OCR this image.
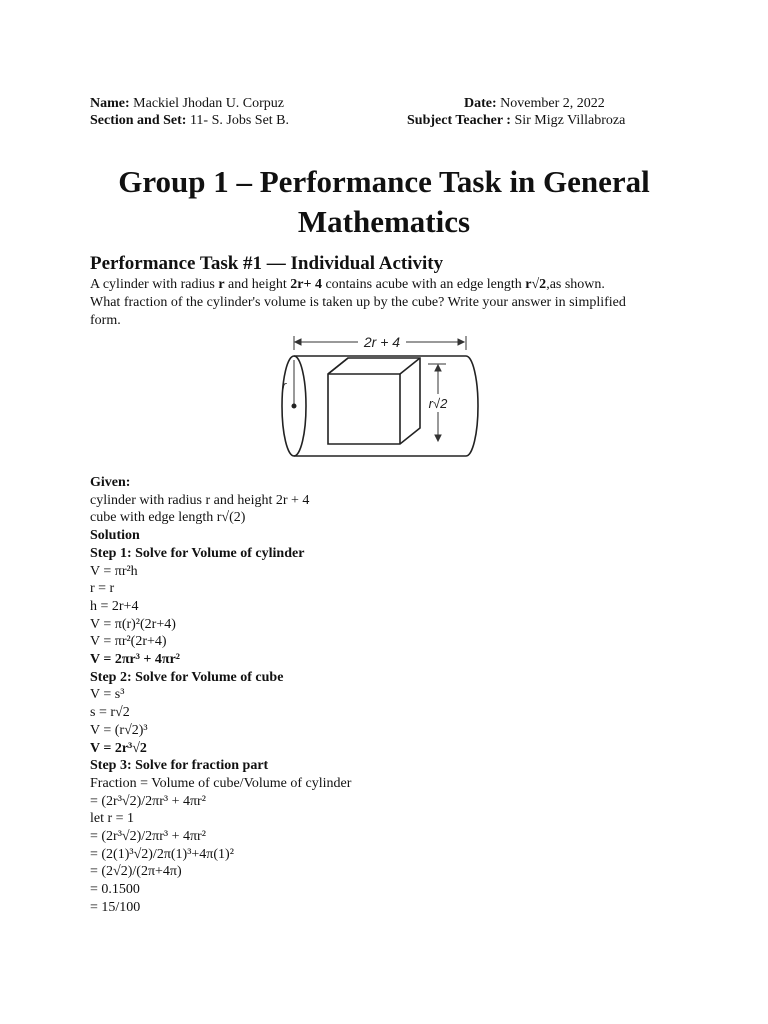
Name: Mackiel Jhodan U. Corpuz	Date: November 2, 2022
Section and Set: 11- S. Jobs Set B.	Subject Teacher : Sir Migz Villabroza
Group 1 – Performance Task in General
Mathematics
Performance Task #1 — Individual Activity
A cylinder with radius r and height 2r+ 4 contains acube with an edge length r√2,as shown.
What fraction of the cylinder's volume is taken up by the cube? Write your answer in simplified
form.
2r + 4
r
r√2
Given:
cylinder with radius r and height 2r + 4
cube with edge length r√(2)
Solution
Step 1: Solve for Volume of cylinder
V = πr²h
r = r
h = 2r+4
V = π(r)²(2r+4)
V = πr²(2r+4)
V = 2πr³ + 4πr²
Step 2: Solve for Volume of cube
V = s³
s = r√2
V = (r√2)³
V = 2r³√2
Step 3: Solve for fraction part
Fraction = Volume of cube/Volume of cylinder
= (2r³√2)/2πr³ + 4πr²
let r = 1
= (2r³√2)/2πr³ + 4πr²
= (2(1)³√2)/2π(1)³+4π(1)²
= (2√2)/(2π+4π)
= 0.1500
= 15/100
